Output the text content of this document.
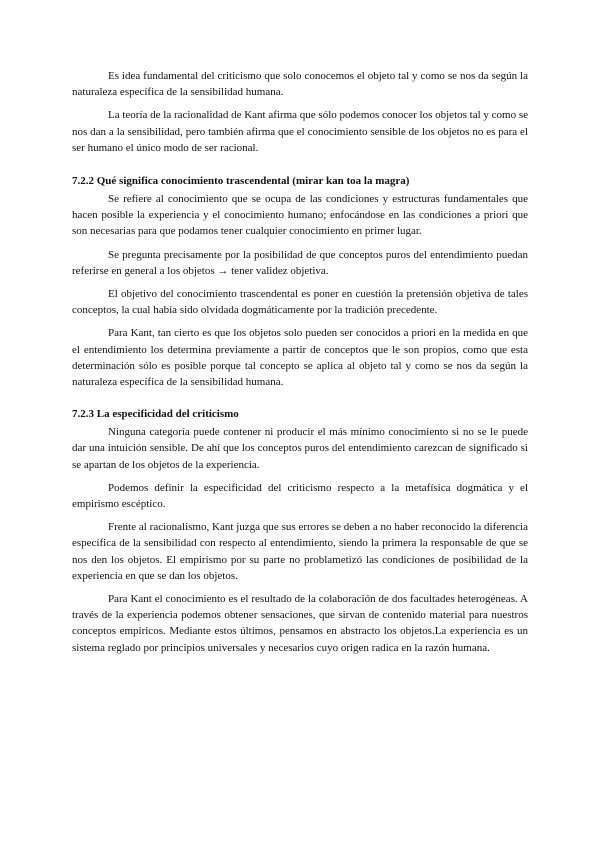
Es idea fundamental del criticismo que solo conocemos el objeto tal y como se nos da según la naturaleza específica de la sensibilidad humana.

La teoría de la racionalidad de Kant afirma que sólo podemos conocer los objetos tal y como se nos dan a la sensibilidad, pero también afirma que el conocimiento sensible de los objetos no es para el ser humano el único modo de ser racional.

7.2.2 Qué significa conocimiento trascendental (mirar kan toa la magra)

Se refiere al conocimiento que se ocupa de las condiciones y estructuras fundamentales que hacen posible la experiencia y el conocimiento humano; enfocándose en las condiciones a priori que son necesarias para que podamos tener cualquier conocimiento en primer lugar.

Se pregunta precisamente por la posibilidad de que conceptos puros del entendimiento puedan referirse en general a los objetos → tener validez objetiva.

El objetivo del conocimiento trascendental es poner en cuestión la pretensión objetiva de tales conceptos, la cual había sido olvidada dogmáticamente por la tradición precedente.

Para Kant, tan cierto es que los objetos solo pueden ser conocidos a priori en la medida en que el entendimiento los determina previamente a partir de conceptos que le son propios, como que esta determinación sólo es posible porque tal concepto se aplica al objeto tal y como se nos da según la naturaleza específica de la sensibilidad humana.

7.2.3 La especificidad del criticismo

Ninguna categoría puede contener ni producir el más mínimo conocimiento si no se le puede dar una intuición sensible. De ahí que los conceptos puros del entendimiento carezcan de significado si se apartan de los objetos de la experiencia.

Podemos definir la especificidad del criticismo respecto a la metafísica dogmática y el empirismo escéptico.

Frente al racionalismo, Kant juzga que sus errores se deben a no haber reconocido la diferencia específica de la sensibilidad con respecto al entendimiento, siendo la primera la responsable de que se nos den los objetos. El empirismo por su parte no problametizó las condiciones de posibilidad de la experiencia en que se dan los objetos.

Para Kant el conocimiento es el resultado de la colaboración de dos facultades heterogéneas. A través de la experiencia podemos obtener sensaciones, que sirvan de contenido material para nuestros conceptos empíricos. Mediante estos últimos, pensamos en abstracto los objetos.La experiencia es un sistema reglado por principios universales y necesarios cuyo origen radica en la razón humana.
